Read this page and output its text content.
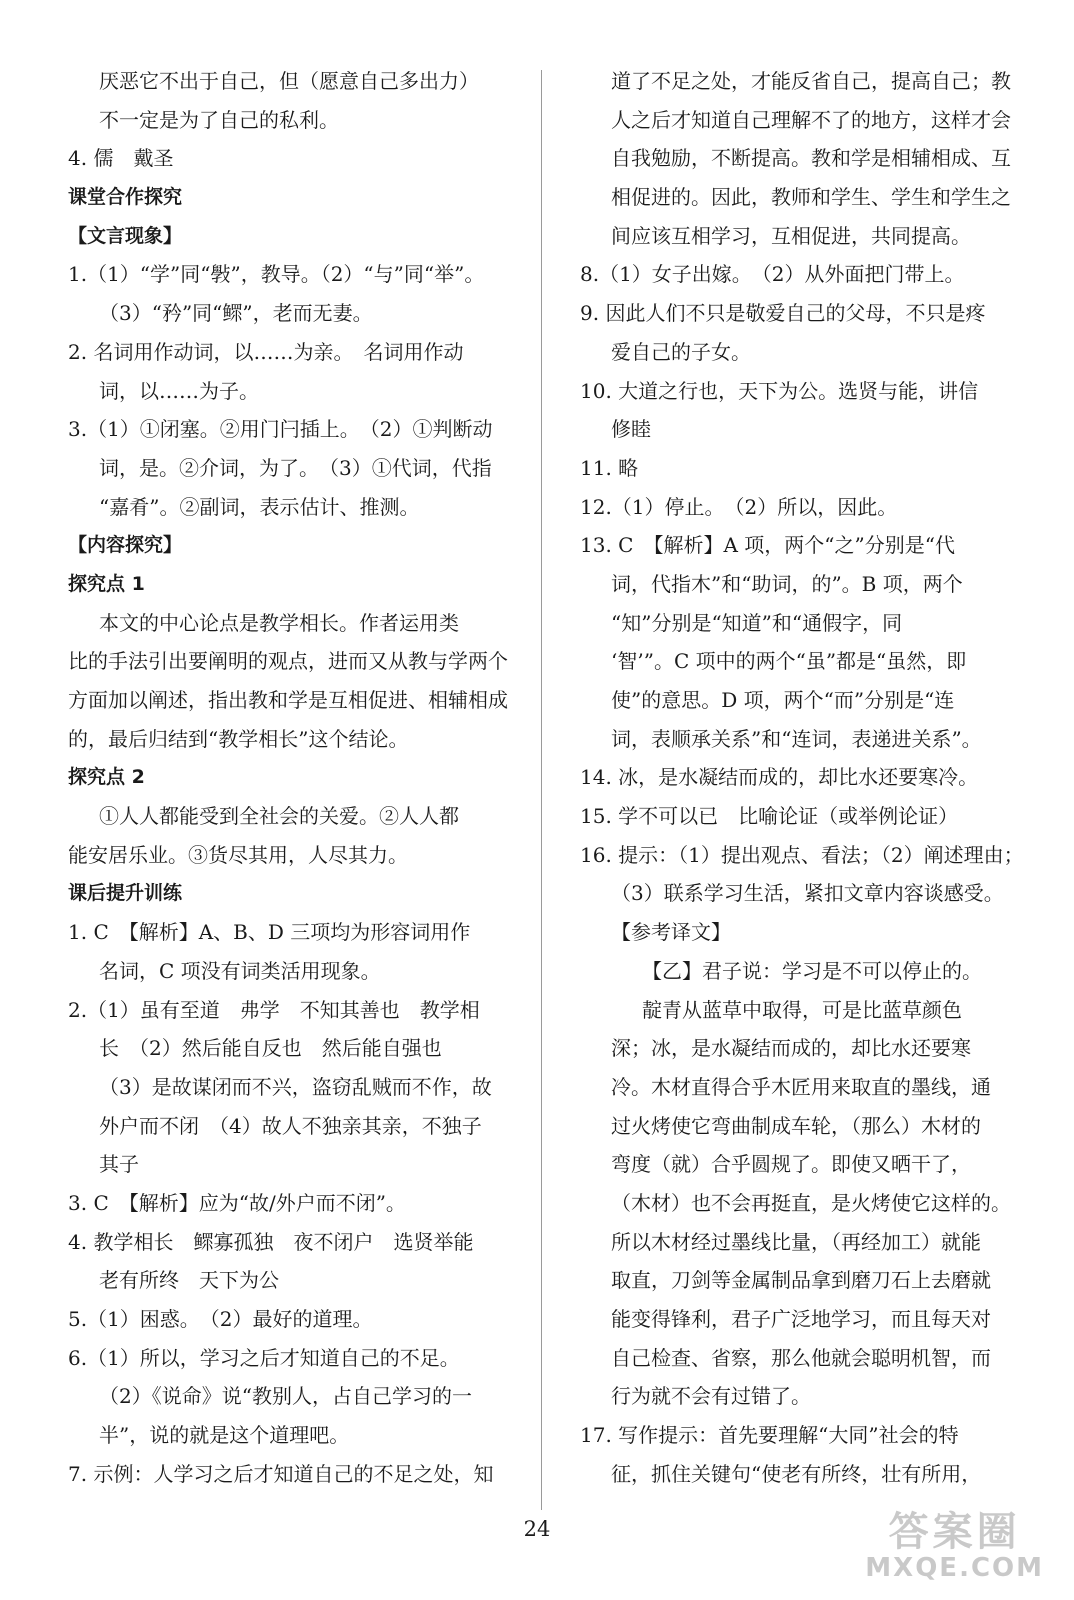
厌恶它不出于自己，但（愿意自己多出力）
不一定是为了自己的私利。
4. 儒　戴圣
课堂合作探究
【文言现象】
1.（1）“学”同“斅”，教导。（2）“与”同“举”。
（3）“矜”同“鳏”，老而无妻。
2. 名词用作动词，以……为亲。　名词用作动
词，以……为子。
3.（1）①闭塞。②用门闩插上。　（2）①判断动
词，是。②介词，为了。　（3）①代词，代指
“嘉肴”。②副词，表示估计、推测。
【内容探究】
探究点 1
本文的中心论点是教学相长。作者运用类
比的手法引出要阐明的观点，进而又从教与学两个
方面加以阐述，指出教和学是互相促进、相辅相成
的，最后归结到“教学相长”这个结论。
探究点 2
①人人都能受到全社会的关爱。②人人都
能安居乐业。③货尽其用，人尽其力。
课后提升训练
1. C　【解析】A、B、D 三项均为形容词用作
名词，C 项没有词类活用现象。
2.（1）虽有至道　弗学　不知其善也　教学相
长　（2）然后能自反也　然后能自强也
（3）是故谋闭而不兴，盗窃乱贼而不作，故
外户而不闭　（4）故人不独亲其亲，不独子
其子
3. C　【解析】应为“故/外户而不闭”。
4. 教学相长　鳏寡孤独　夜不闭户　选贤举能
老有所终　天下为公
5.（1）困惑。　（2）最好的道理。
6.（1）所以，学习之后才知道自己的不足。
（2）《说命》说“教别人，占自己学习的一
半”，说的就是这个道理吧。
7. 示例：人学习之后才知道自己的不足之处，知
道了不足之处，才能反省自己，提高自己；教
人之后才知道自己理解不了的地方，这样才会
自我勉励，不断提高。教和学是相辅相成、互
相促进的。因此，教师和学生、学生和学生之
间应该互相学习，互相促进，共同提高。
8.（1）女子出嫁。　（2）从外面把门带上。
9. 因此人们不只是敬爱自己的父母，不只是疼
爱自己的子女。
10. 大道之行也，天下为公。选贤与能，讲信
修睦
11. 略
12.（1）停止。　（2）所以，因此。
13. C　【解析】A 项，两个“之”分别是“代
词，代指木”和“助词，的”。B 项，两个
“知”分别是“知道”和“通假字，同
‘智’”。C 项中的两个“虽”都是“虽然，即
使”的意思。D 项，两个“而”分别是“连
词，表顺承关系”和“连词，表递进关系”。
14. 冰，是水凝结而成的，却比水还要寒冷。
15. 学不可以已　比喻论证（或举例论证）
16. 提示：（1）提出观点、看法；（2）阐述理由；
（3）联系学习生活，紧扣文章内容谈感受。
【参考译文】
【乙】君子说：学习是不可以停止的。
靛青从蓝草中取得，可是比蓝草颜色
深；冰，是水凝结而成的，却比水还要寒
冷。木材直得合乎木匠用来取直的墨线，通
过火烤使它弯曲制成车轮，（那么）木材的
弯度（就）合乎圆规了。即使又晒干了，
（木材）也不会再挺直，是火烤使它这样的。
所以木材经过墨线比量，（再经加工）就能
取直，刀剑等金属制品拿到磨刀石上去磨就
能变得锋利，君子广泛地学习，而且每天对
自己检查、省察，那么他就会聪明机智，而
行为就不会有过错了。
17. 写作提示：首先要理解“大同”社会的特
征，抓住关键句“使老有所终，壮有所用，
24	答案圈
MXQE.COM
